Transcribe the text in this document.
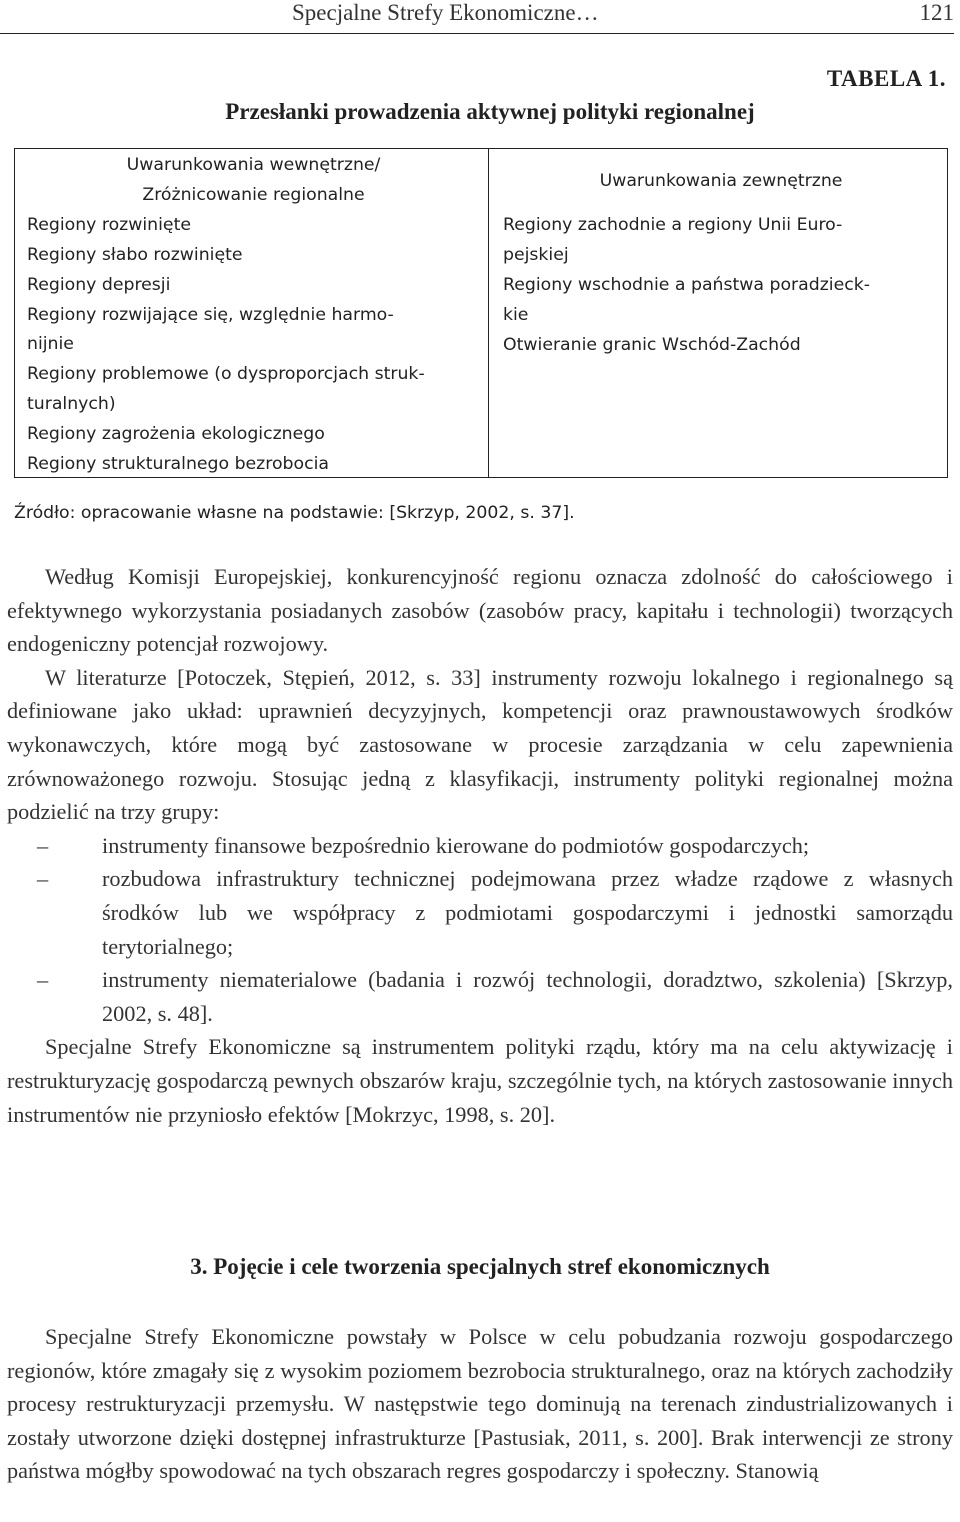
Specjalne Strefy Ekonomiczne…	121
TABELA 1.
Przesłanki prowadzenia aktywnej polityki regionalnej

Uwarunkowania wewnętrzne/

Zróżnicowanie regionalne

Regiony rozwinięte

Regiony słabo rozwinięte

Regiony depresji

Regiony rozwijające się, względnie harmo-

nijnie

Regiony problemowe (o dysproporcjach struk-

turalnych)

Regiony zagrożenia ekologicznego

Regiony strukturalnego bezrobocia

Uwarunkowania zewnętrzne

Regiony zachodnie a regiony Unii Euro-

pejskiej

Regiony wschodnie a państwa poradzieck-

kie

Otwieranie granic Wschód-Zachód

Źródło: opracowanie własne na podstawie: [Skrzyp, 2002, s. 37].

Według Komisji Europejskiej, konkurencyjność regionu oznacza zdolność do całościowego i efektywnego wykorzystania posiadanych zasobów (zasobów pracy, kapitału i technologii) tworzących endogeniczny potencjał rozwojowy.

W literaturze [Potoczek, Stępień, 2012, s. 33] instrumenty rozwoju lokalnego i regionalnego są definiowane jako układ: uprawnień decyzyjnych, kompetencji oraz prawnoustawowych środków wykonawczych, które mogą być zastosowane w procesie zarządzania w celu zapewnienia zrównoważonego rozwoju. Stosując jedną z klasyfikacji, instrumenty polityki regionalnej można podzielić na trzy grupy:

– instrumenty finansowe bezpośrednio kierowane do podmiotów gospodarczych;
– rozbudowa infrastruktury technicznej podejmowana przez władze rządowe z własnych środków lub we współpracy z podmiotami gospodarczymi i jednostki samorządu terytorialnego;
– instrumenty niematerialowe (badania i rozwój technologii, doradztwo, szkolenia) [Skrzyp, 2002, s. 48].

Specjalne Strefy Ekonomiczne są instrumentem polityki rządu, który ma na celu aktywizację i restrukturyzację gospodarczą pewnych obszarów kraju, szczególnie tych, na których zastosowanie innych instrumentów nie przyniosło efektów [Mokrzyc, 1998, s. 20].

3. Pojęcie i cele tworzenia specjalnych stref ekonomicznych

Specjalne Strefy Ekonomiczne powstały w Polsce w celu pobudzania rozwoju gospodarczego regionów, które zmagały się z wysokim poziomem bezrobocia strukturalnego, oraz na których zachodziły procesy restrukturyzacji przemysłu. W następstwie tego dominują na terenach zindustrializowanych i zostały utworzone dzięki dostępnej infrastrukturze [Pastusiak, 2011, s. 200]. Brak interwencji ze strony państwa mógłby spowodować na tych obszarach regres gospodarczy i społeczny. Stanowią
